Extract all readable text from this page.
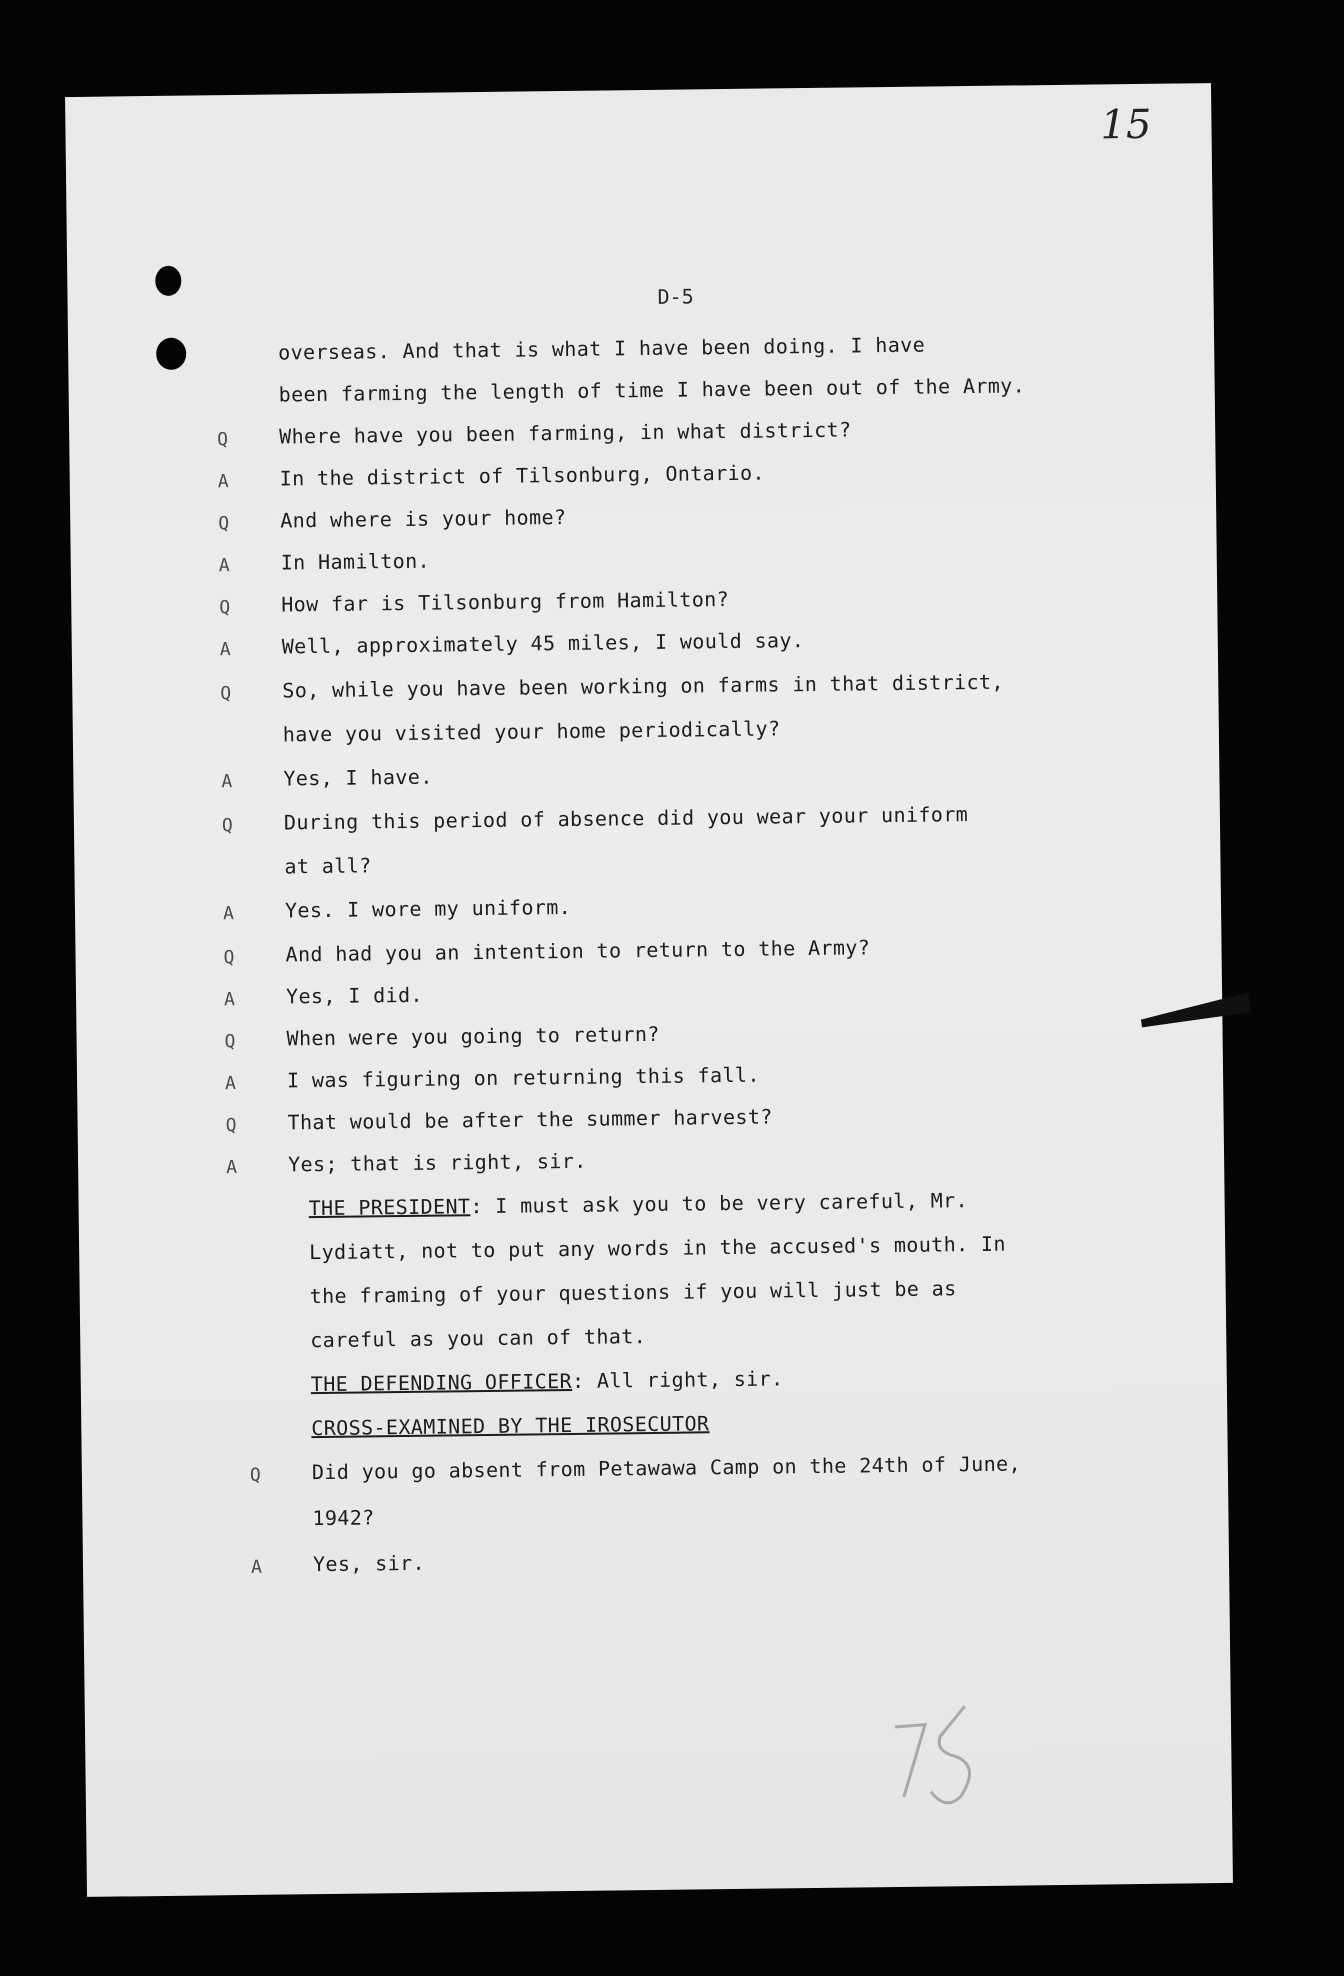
15
D-5
overseas. And that is what I have been doing. I have
been farming the length of time I have been out of the Army.
Q	Where have you been farming, in what district?
A	In the district of Tilsonburg, Ontario.
Q	And where is your home?
A	In Hamilton.
Q	How far is Tilsonburg from Hamilton?
A	Well, approximately 45 miles, I would say.
Q	So, while you have been working on farms in that district,
have you visited your home periodically?
A	Yes, I have.
Q	During this period of absence did you wear your uniform
at all?
A	Yes. I wore my uniform.
Q	And had you an intention to return to the Army?
A	Yes, I did.
Q	When were you going to return?
A	I was figuring on returning this fall.
Q	That would be after the summer harvest?
A	Yes; that is right, sir.
THE PRESIDENT: I must ask you to be very careful, Mr.
Lydiatt, not to put any words in the accused's mouth. In
the framing of your questions if you will just be as
careful as you can of that.
THE DEFENDING OFFICER: All right, sir.
CROSS-EXAMINED BY THE IROSECUTOR
Q	Did you go absent from Petawawa Camp on the 24th of June,
1942?
A	Yes, sir.
